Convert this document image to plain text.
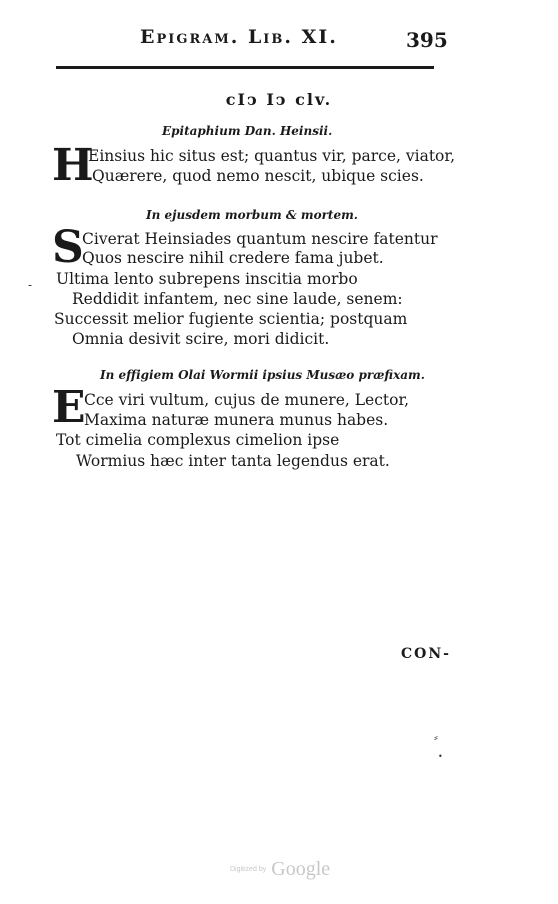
Epigram. Lib. XI.	395
cIↄ Iↄ clv.
Epitaphium Dan. Heinsii.
H
Einsius hic situs est; quantus vir, parce, viator,
Quærere, quod nemo nescit, ubique scies.
In ejusdem morbum & mortem.
S
Civerat Heinsiades quantum nescire fatentur
Quos nescire nihil credere fama jubet.
Ultima lento subrepens inscitia morbo
Reddidit infantem, nec sine laude, senem:
Successit melior fugiente scientia; postquam
Omnia desivit scire, mori didicit.
In effigiem Olai Wormii ipsius Musæo præfixam.
E
Cce viri vultum, cujus de munere, Lector,
Maxima naturæ munera munus habes.
Tot cimelia complexus cimelion ipse
Wormius hæc inter tanta legendus erat.
-
⸗
•
CON-
Digitized by Google
